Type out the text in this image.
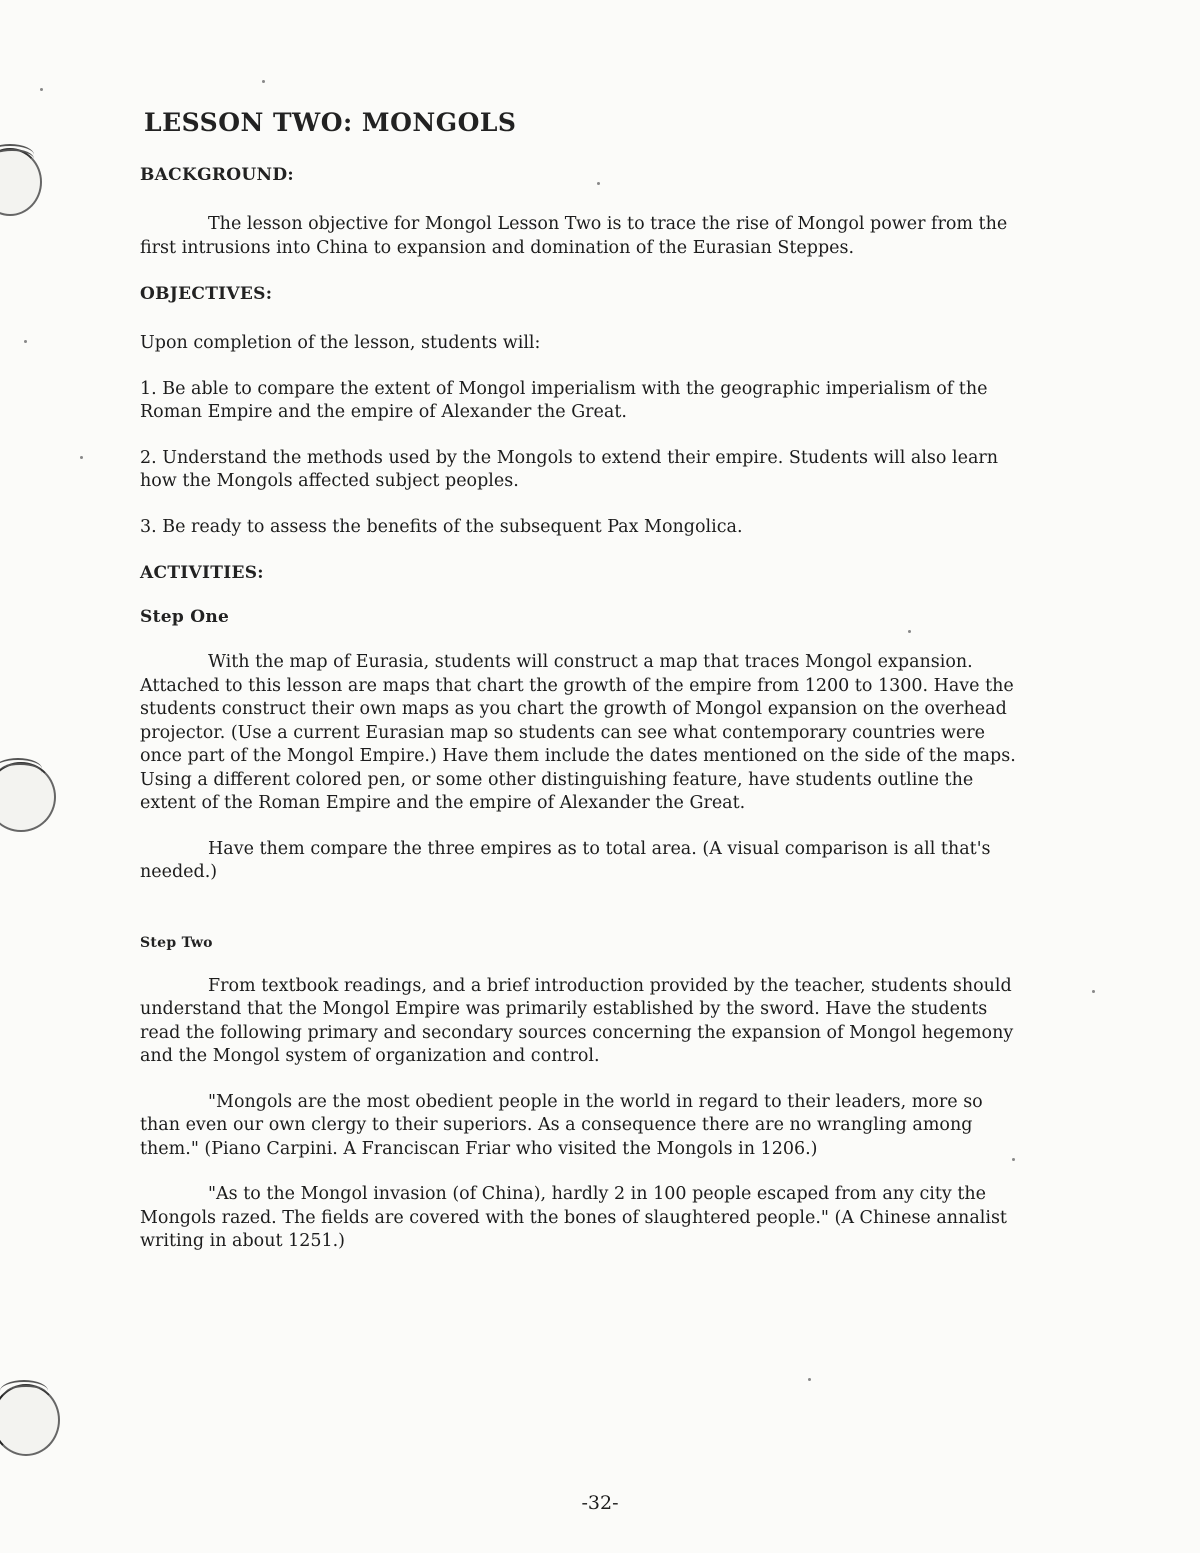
LESSON TWO: MONGOLS
BACKGROUND:

The lesson objective for Mongol Lesson Two is to trace the rise of Mongol power from the first intrusions into China to expansion and domination of the Eurasian Steppes.

OBJECTIVES:

Upon completion of the lesson, students will:

1. Be able to compare the extent of Mongol imperialism with the geographic imperialism of the Roman Empire and the empire of Alexander the Great.

2. Understand the methods used by the Mongols to extend their empire. Students will also learn how the Mongols affected subject peoples.

3. Be ready to assess the benefits of the subsequent Pax Mongolica.

ACTIVITIES:
Step One

With the map of Eurasia, students will construct a map that traces Mongol expansion. Attached to this lesson are maps that chart the growth of the empire from 1200 to 1300. Have the students construct their own maps as you chart the growth of Mongol expansion on the overhead projector. (Use a current Eurasian map so students can see what contemporary countries were once part of the Mongol Empire.) Have them include the dates mentioned on the side of the maps. Using a different colored pen, or some other distinguishing feature, have students outline the extent of the Roman Empire and the empire of Alexander the Great.

Have them compare the three empires as to total area. (A visual comparison is all that's needed.)

Step Two

From textbook readings, and a brief introduction provided by the teacher, students should understand that the Mongol Empire was primarily established by the sword. Have the students read the following primary and secondary sources concerning the expansion of Mongol hegemony and the Mongol system of organization and control.

"Mongols are the most obedient people in the world in regard to their leaders, more so than even our own clergy to their superiors. As a consequence there are no wrangling among them." (Piano Carpini. A Franciscan Friar who visited the Mongols in 1206.)

"As to the Mongol invasion (of China), hardly 2 in 100 people escaped from any city the Mongols razed. The fields are covered with the bones of slaughtered people." (A Chinese annalist writing in about 1251.)

-32-
